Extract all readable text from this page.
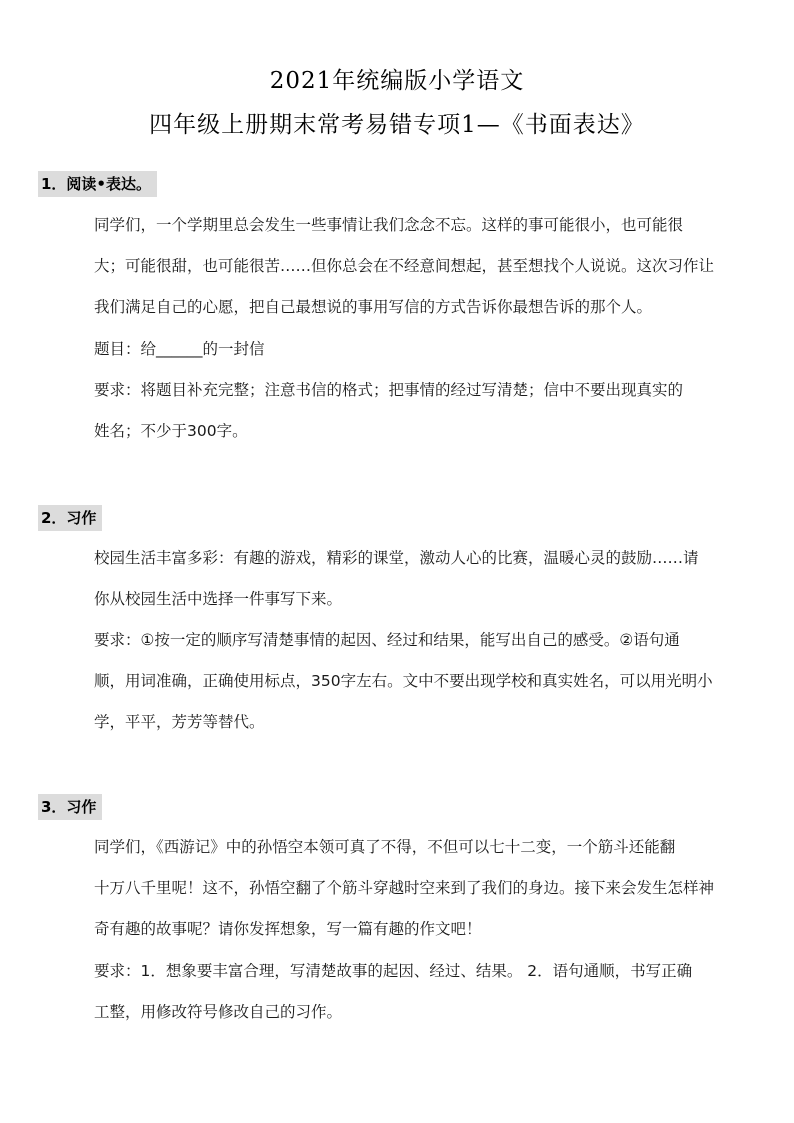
2021年统编版小学语文
四年级上册期末常考易错专项1—《书面表达》
1．阅读•表达。
同学们，一个学期里总会发生一些事情让我们念念不忘。这样的事可能很小，也可能很
大；可能很甜，也可能很苦……但你总会在不经意间想起，甚至想找个人说说。这次习作让
我们满足自己的心愿，把自己最想说的事用写信的方式告诉你最想告诉的那个人。
题目：给______的一封信
要求：将题目补充完整；注意书信的格式；把事情的经过写清楚；信中不要出现真实的
姓名；不少于300字。
2．习作
校园生活丰富多彩：有趣的游戏，精彩的课堂，激动人心的比赛，温暖心灵的鼓励……请
你从校园生活中选择一件事写下来。
要求：①按一定的顺序写清楚事情的起因、经过和结果，能写出自己的感受。②语句通
顺，用词准确，正确使用标点，350字左右。文中不要出现学校和真实姓名，可以用光明小
学，平平，芳芳等替代。
3．习作
同学们，《西游记》中的孙悟空本领可真了不得，不但可以七十二变，一个筋斗还能翻
十万八千里呢！这不，孙悟空翻了个筋斗穿越时空来到了我们的身边。接下来会发生怎样神
奇有趣的故事呢？请你发挥想象，写一篇有趣的作文吧！
要求：1．想象要丰富合理，写清楚故事的起因、经过、结果。 2．语句通顺，书写正确
工整，用修改符号修改自己的习作。
